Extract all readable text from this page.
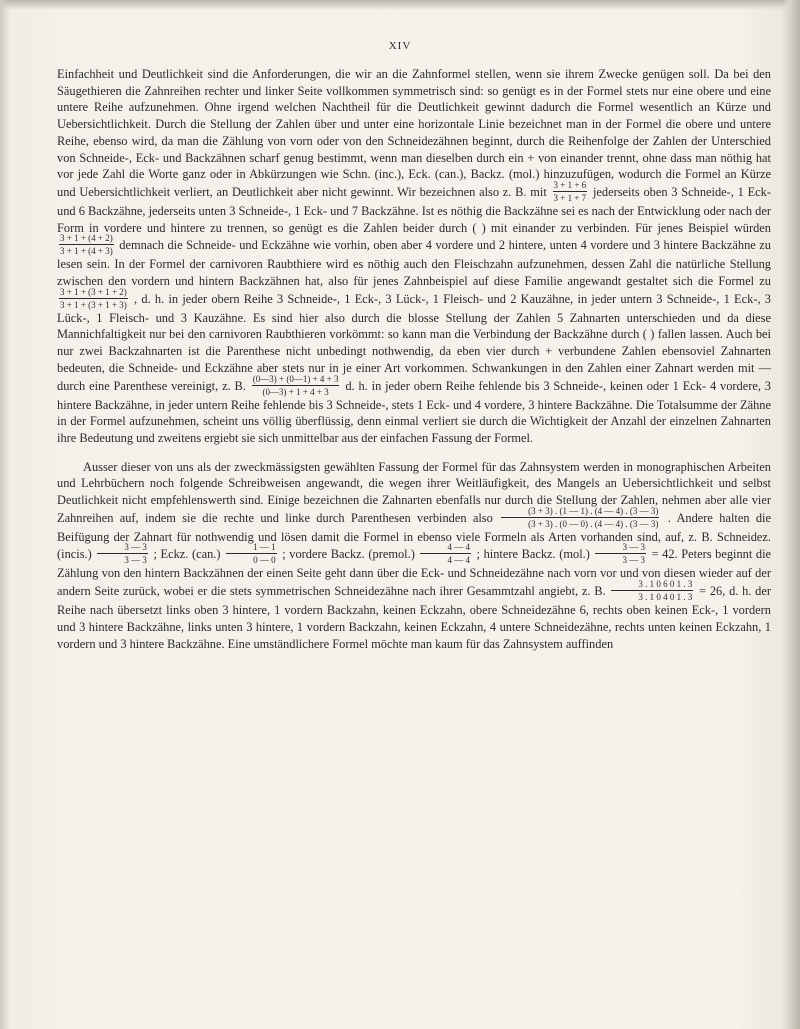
XIV

Einfachheit und Deutlichkeit sind die Anforderungen, die wir an die Zahnformel stellen, wenn sie ihrem Zwecke genügen soll. Da bei den Säugethieren die Zahnreihen rechter und linker Seite vollkommen symmetrisch sind: so genügt es in der Formel stets nur eine obere und eine untere Reihe aufzunehmen. Ohne irgend welchen Nachtheil für die Deutlichkeit gewinnt dadurch die Formel wesentlich an Kürze und Uebersichtlichkeit. Durch die Stellung der Zahlen über und unter eine horizontale Linie bezeichnet man in der Formel die obere und untere Reihe, ebenso wird, da man die Zählung von vorn oder von den Schneidezähnen beginnt, durch die Reihenfolge der Zahlen der Unterschied von Schneide-, Eck- und Backzähnen scharf genug bestimmt, wenn man dieselben durch ein + von einander trennt, ohne dass man nöthig hat vor jede Zahl die Worte ganz oder in Abkürzungen wie Schn. (inc.), Eck. (can.), Backz. (mol.) hinzuzufügen, wodurch die Formel an Kürze und Uebersichtlichkeit verliert, an Deutlichkeit aber nicht gewinnt. Wir bezeichnen also z. B. mit $\frac{3 + 1 + 6}{3 + 1 + 7}$ jederseits oben 3 Schneide-, 1 Eck- und 6 Backzähne, jederseits unten 3 Schneide-, 1 Eck- und 7 Backzähne. Ist es nöthig die Backzähne sei es nach der Entwicklung oder nach der Form in vordere und hintere zu trennen, so genügt es die Zahlen beider durch ( ) mit einander zu verbinden. Für jenes Beispiel würden
$\frac{3 + 1 + (4 + 2)}{3 + 1 + (4 + 3)}$ demnach die Schneide- und Eckzähne wie vorhin, oben aber 4 vordere und 2 hintere, unten 4 vordere und 3 hintere Backzähne zu lesen sein. In der Formel der carnivoren Raubthiere wird es nöthig auch den Fleischzahn aufzunehmen, dessen Zahl die natürliche Stellung zwischen den vordern und hintern Backzähnen hat, also für jenes Zahnbeispiel auf diese Familie angewandt gestaltet sich die Formel zu
$\frac{3 + 1 + (3 + 1 + 2)}{3 + 1 + (3 + 1 + 3)}$ , d. h. in jeder obern Reihe 3 Schneide-, 1 Eck-, 3 Lück-, 1 Fleisch- und 2 Kauzähne, in jeder untern 3 Schneide-, 1 Eck-, 3 Lück-, 1 Fleisch- und 3 Kauzähne. Es sind hier also durch die blosse Stellung der Zahlen 5 Zahnarten unterschieden und da diese Mannichfaltigkeit nur bei den carnivoren Raubthieren vorkömmt: so kann man die Verbindung der Backzähne durch ( ) fallen lassen. Auch bei nur zwei Backzahnarten ist die Parenthese nicht unbedingt nothwendig, da eben vier durch + verbundene Zahlen ebensoviel Zahnarten bedeuten, die Schneide- und Eckzähne aber stets nur in je einer Art vorkommen. Schwankungen in den Zahlen einer Zahnart werden mit — durch eine Parenthese vereinigt, z. B. $\frac{(0—3) + (0—1) + 4 + 3}{(0—3) + 1 + 4 + 3} d$. h. in jeder obern Reihe fehlende bis 3 Schneide-, keinen oder 1 Eck- 4 vordere, 3 hintere Backzähne, in jeder untern Reihe fehlende bis 3 Schneide-, stets 1 Eck- und 4 vordere, 3 hintere Backzähne. Die Totalsumme der Zähne in der Formel aufzunehmen, scheint uns völlig überflüssig, denn einmal verliert sie durch die Wichtigkeit der Anzahl der einzelnen Zahnarten ihre Bedeutung und zweitens ergiebt sie sich unmittelbar aus der einfachen Fassung der Formel.

Ausser dieser von uns als der zweckmässigsten gewählten Fassung der Formel für das Zahnsystem werden in monographischen Arbeiten und Lehrbüchern noch folgende Schreibweisen angewandt, die wegen ihrer Weitläufigkeit, des Mangels an Uebersichtlichkeit und selbst Deutlichkeit nicht empfehlenswerth sind. Einige bezeichnen die Zahnarten ebenfalls nur durch die Stellung der Zahlen, nehmen aber alle vier Zahnreihen auf, indem sie die rechte und linke durch Parenthesen verbinden also $\frac{(3 + 3) . (1 — 1) . (4 — 4) . (3 — 3)}{(3 + 3) . (0 — 0) . (4 — 4) . (3 — 3)}$ . Andere halten die Beifügung der Zahnart für nothwendig und lösen damit die Formel in ebenso viele Formeln als Arten vorhanden sind, auf, z. B. Schneidez. (incis.) $\frac{3 — 3}{3 — 3}$ ; Eckz. $(can.) \frac{1 — 1}{0 — 0}$ ; vordere Backz. (premol.) $\frac{4 — 4}{4 — 4}$ ; hintere Backz. $(mol.) \frac{3 — 3}{3 — 3} = 42$. Peters beginnt die Zählung von den hintern Backzähnen der einen Seite geht dann über die Eck- und Schneidezähne nach vorn vor und von diesen wieder auf der andern Seite zurück, wobei er die stets symmetrischen Schneidezähne nach ihrer Gesammtzahl angiebt, z. B. $\frac{3 . 1 0 6 0 1 . 3}{3 . 1 0 4 0 1 . 3} = 26$, d. h. der Reihe nach übersetzt links oben 3 hintere, 1 vordern Backzahn, keinen Eckzahn, obere Schneidezähne 6, rechts oben keinen Eck-, 1 vordern und 3 hintere Backzähne, links unten 3 hintere, 1 vordern Backzahn, keinen Eckzahn, 4 untere Schneidezähne, rechts unten keinen Eckzahn, 1 vordern und 3 hintere Backzähne. Eine umständlichere Formel möchte man kaum für das Zahnsystem auffinden
